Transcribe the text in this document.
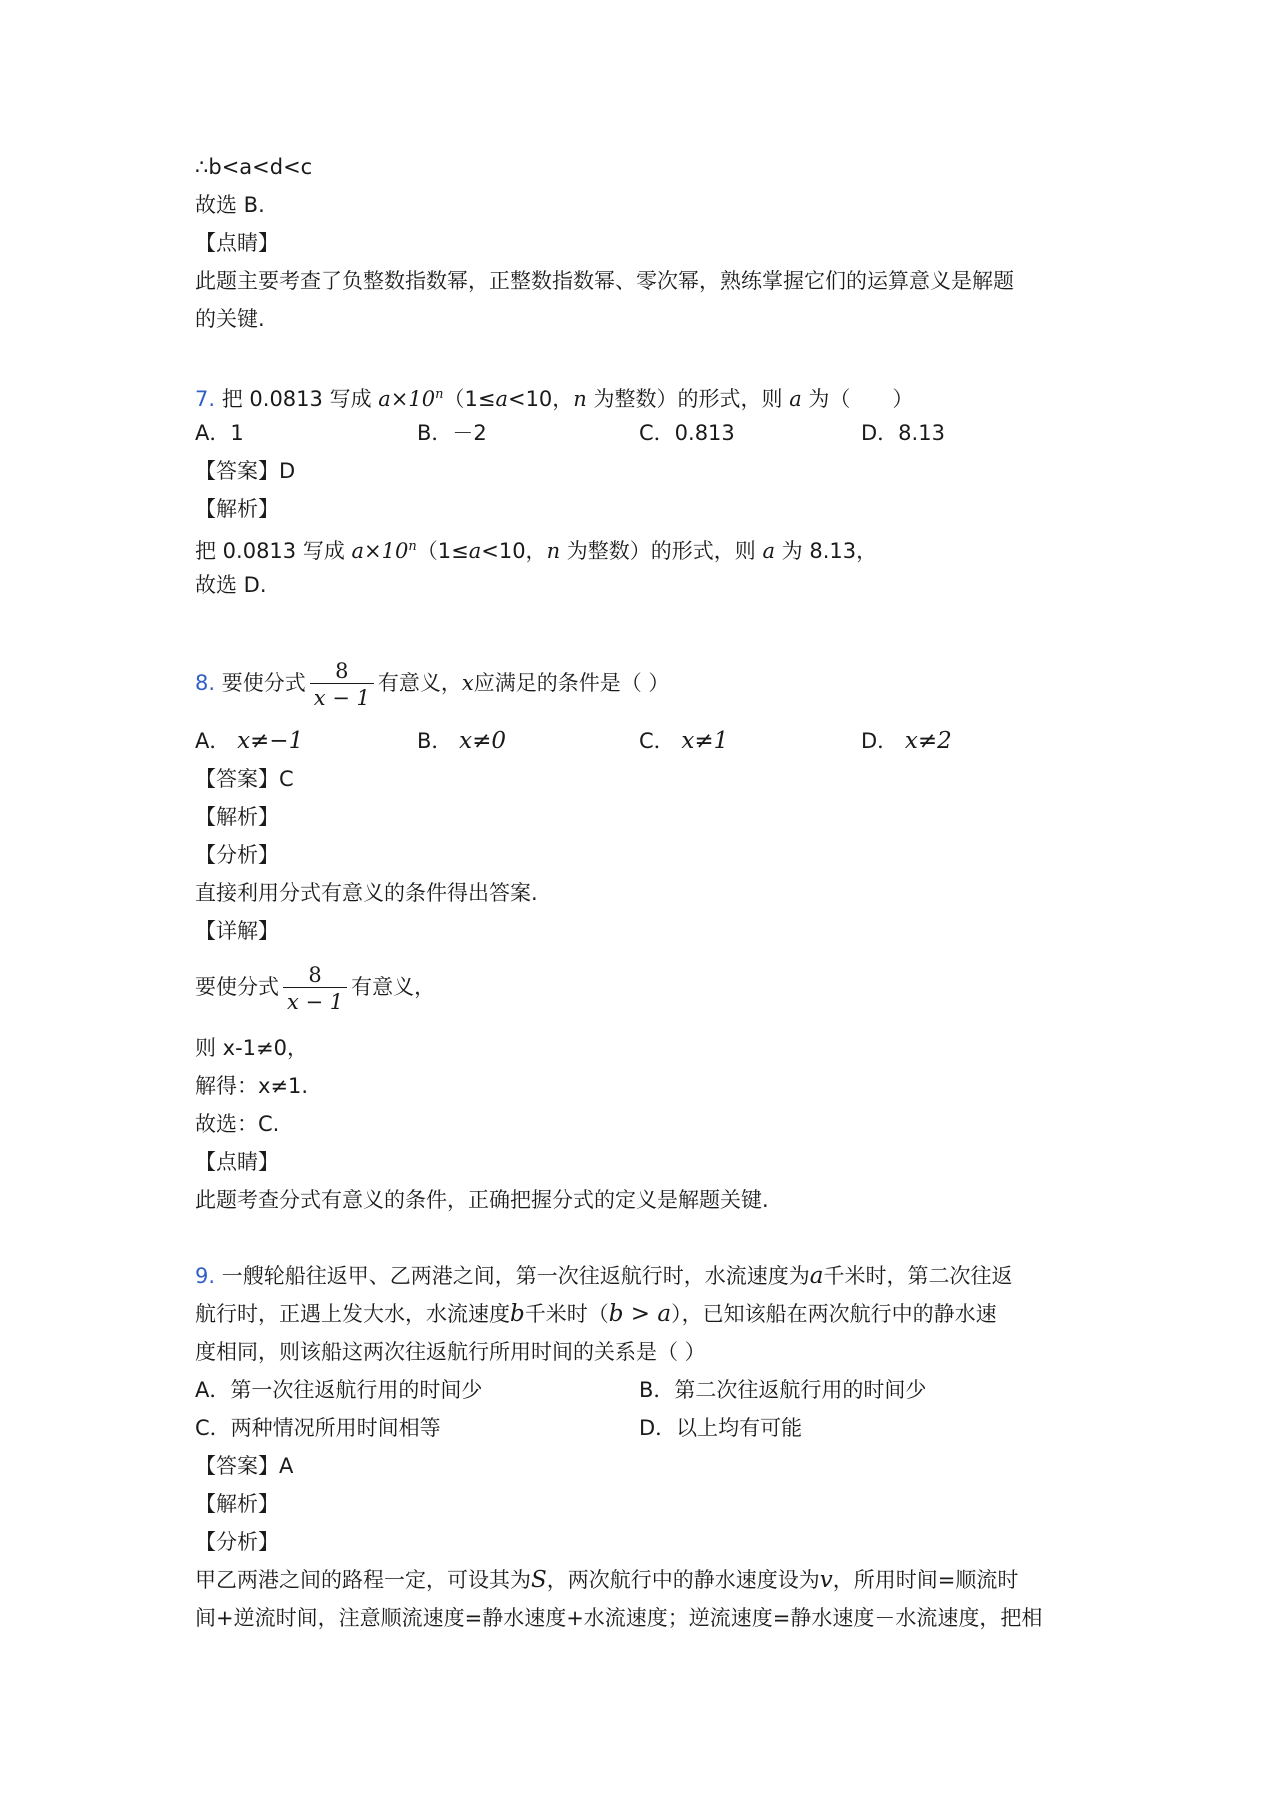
∴b<a<d<c
故选 B.
【点睛】
此题主要考查了负整数指数幂，正整数指数幂、零次幂，熟练掌握它们的运算意义是解题
的关键.
7. 把 0.0813 写成 $a\times 10^n(1\le a<10$，n 为整数）的形式，则 a 为（　　）
A．1	B．－2	C．0.813	D．8.13
【答案】D
【解析】
把 0.0813 写成 $a\times 10^n(1\le a<10$，n 为整数）的形式，则 a 为 8.13，
故选 D.
8. 要使分式 $\frac{8}{x - 1}$ 有意义，x应满足的条件是（ ）
A． x≠−1	B． x≠0	C． x≠1	D． x≠2
【答案】C
【解析】
【分析】
直接利用分式有意义的条件得出答案.
【详解】
要使分式 $\frac{8}{x - 1}$ 有意义，
则 x-1≠0，
解得：x≠1.
故选：C.
【点睛】
此题考查分式有意义的条件，正确把握分式的定义是解题关键.
9. 一艘轮船往返甲、乙两港之间，第一次往返航行时，水流速度为a千米时，第二次往返
航行时，正遇上发大水，水流速度b千米时（b > a），已知该船在两次航行中的静水速
度相同，则该船这两次往返航行所用时间的关系是（ ）
A．第一次往返航行用的时间少	B．第二次往返航行用的时间少
C．两种情况所用时间相等	D．以上均有可能
【答案】A
【解析】
【分析】
甲乙两港之间的路程一定，可设其为S，两次航行中的静水速度设为v，所用时间=顺流时
间+逆流时间，注意顺流速度=静水速度+水流速度；逆流速度=静水速度－水流速度，把相
